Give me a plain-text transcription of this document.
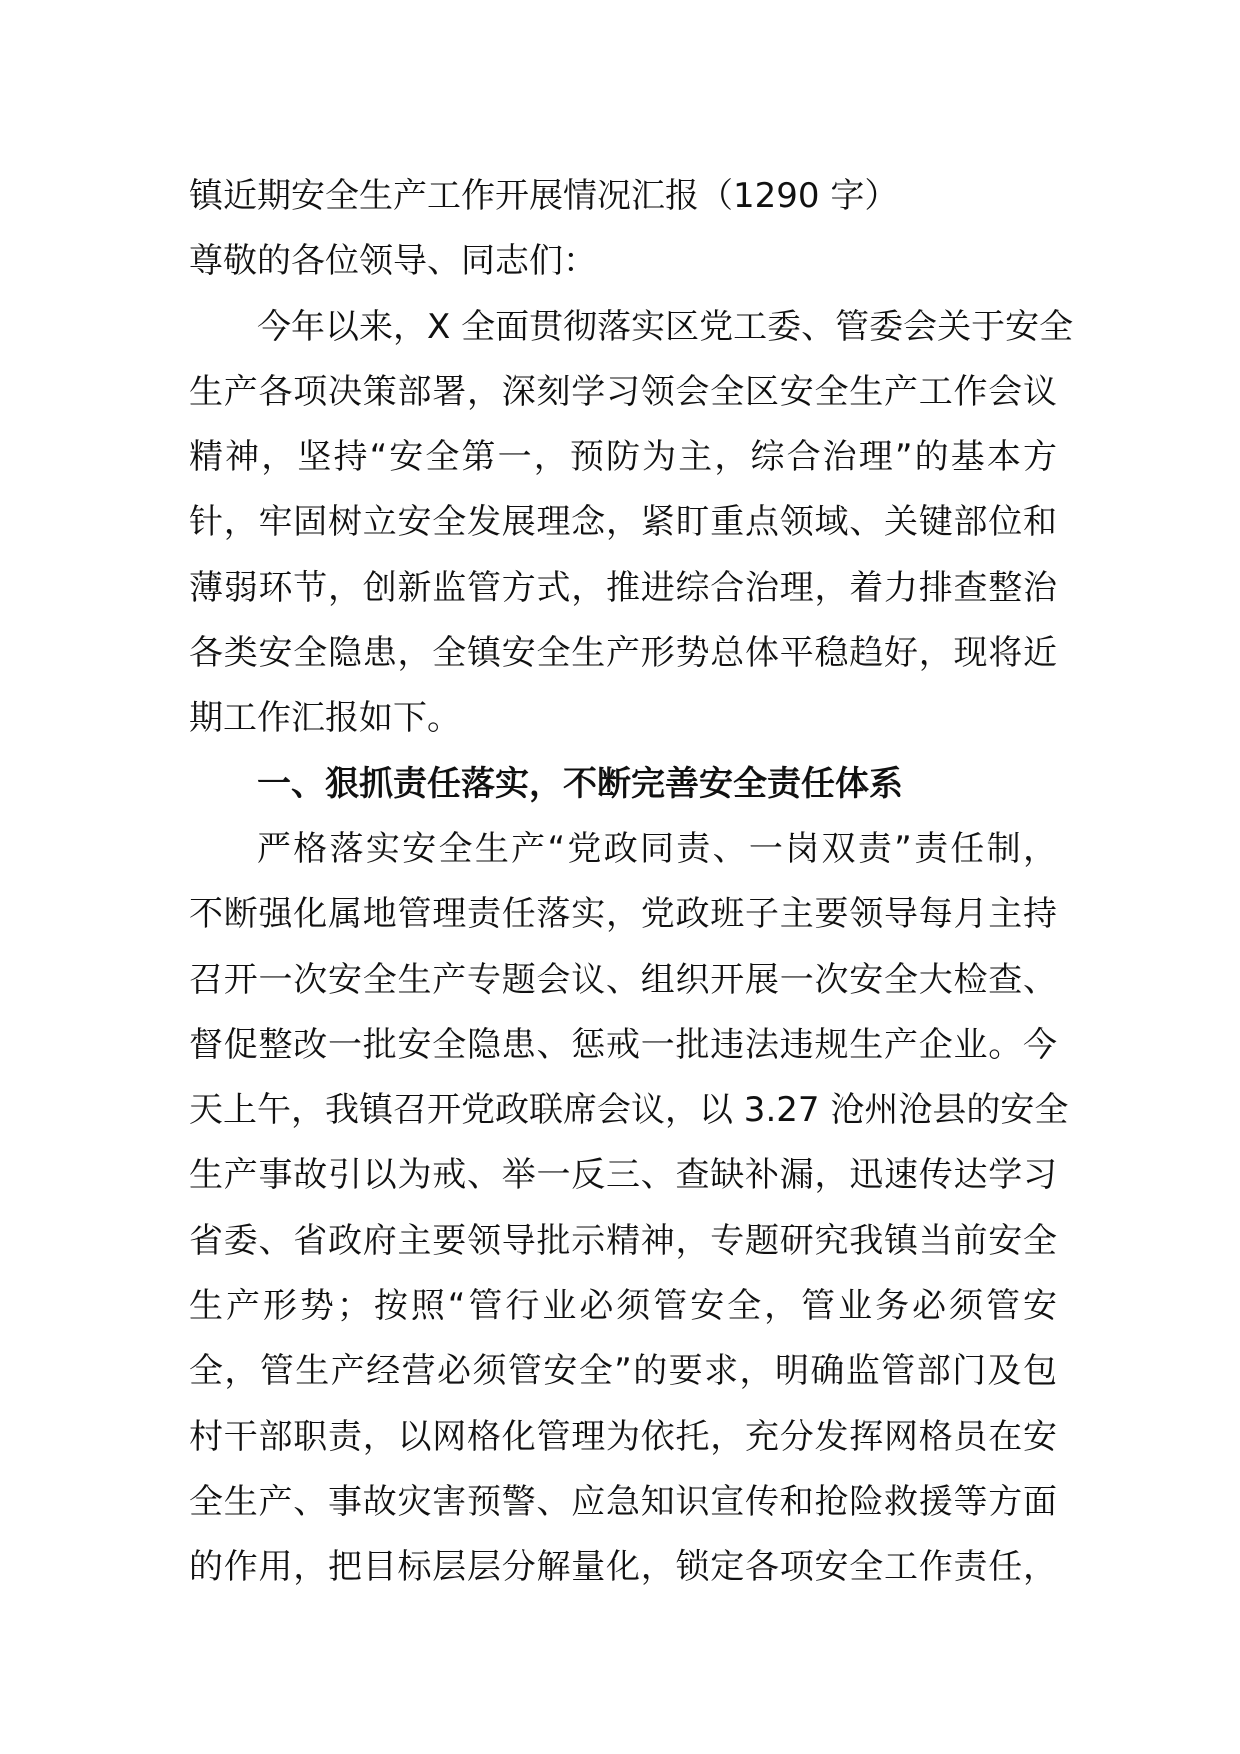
镇近期安全生产工作开展情况汇报（1290 字）
尊敬的各位领导、同志们：
今年以来，X 全面贯彻落实区党工委、管委会关于安全
生产各项决策部署，深刻学习领会全区安全生产工作会议
精神，坚持“安全第一，预防为主，综合治理”的基本方
针，牢固树立安全发展理念，紧盯重点领域、关键部位和
薄弱环节，创新监管方式，推进综合治理，着力排查整治
各类安全隐患，全镇安全生产形势总体平稳趋好，现将近
期工作汇报如下。
一、狠抓责任落实，不断完善安全责任体系
严格落实安全生产“党政同责、一岗双责”责任制，
不断强化属地管理责任落实，党政班子主要领导每月主持
召开一次安全生产专题会议、组织开展一次安全大检查、
督促整改一批安全隐患、惩戒一批违法违规生产企业。今
天上午，我镇召开党政联席会议，以 3.27 沧州沧县的安全
生产事故引以为戒、举一反三、查缺补漏，迅速传达学习
省委、省政府主要领导批示精神，专题研究我镇当前安全
生产形势；按照“管行业必须管安全，管业务必须管安
全，管生产经营必须管安全”的要求，明确监管部门及包
村干部职责，以网格化管理为依托，充分发挥网格员在安
全生产、事故灾害预警、应急知识宣传和抢险救援等方面
的作用，把目标层层分解量化，锁定各项安全工作责任，
